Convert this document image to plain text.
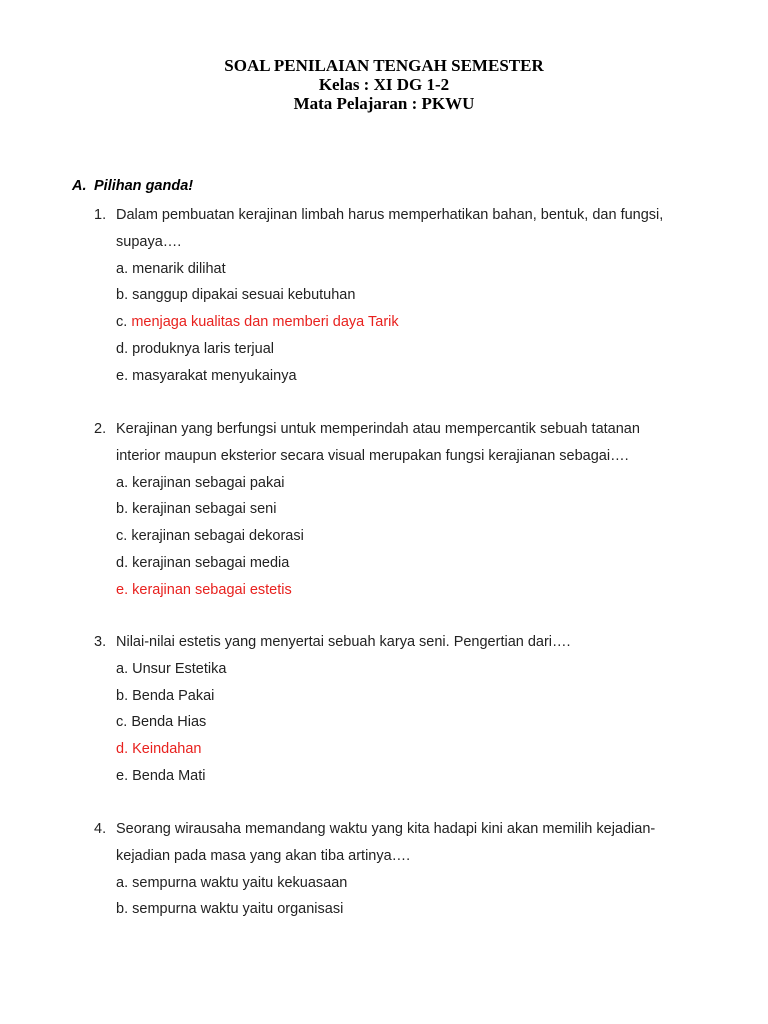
SOAL PENILAIAN TENGAH SEMESTER
Kelas : XI DG 1-2
Mata Pelajaran : PKWU
A. Pilihan ganda!
1. Dalam pembuatan kerajinan limbah harus memperhatikan bahan, bentuk, dan fungsi,
supaya….
a. menarik dilihat
b. sanggup dipakai sesuai kebutuhan
c. menjaga kualitas dan memberi daya Tarik
d. produknya laris terjual
e. masyarakat menyukainya
2. Kerajinan yang berfungsi untuk memperindah atau mempercantik sebuah tatanan
interior maupun eksterior secara visual merupakan fungsi kerajianan sebagai….
a. kerajinan sebagai pakai
b. kerajinan sebagai seni
c. kerajinan sebagai dekorasi
d. kerajinan sebagai media
e. kerajinan sebagai estetis
3. Nilai-nilai estetis yang menyertai sebuah karya seni. Pengertian dari….
a. Unsur Estetika
b. Benda Pakai
c. Benda Hias
d. Keindahan
e. Benda Mati
4. Seorang wirausaha memandang waktu yang kita hadapi kini akan memilih kejadian-
kejadian pada masa yang akan tiba artinya….
a. sempurna waktu yaitu kekuasaan
b. sempurna waktu yaitu organisasi
